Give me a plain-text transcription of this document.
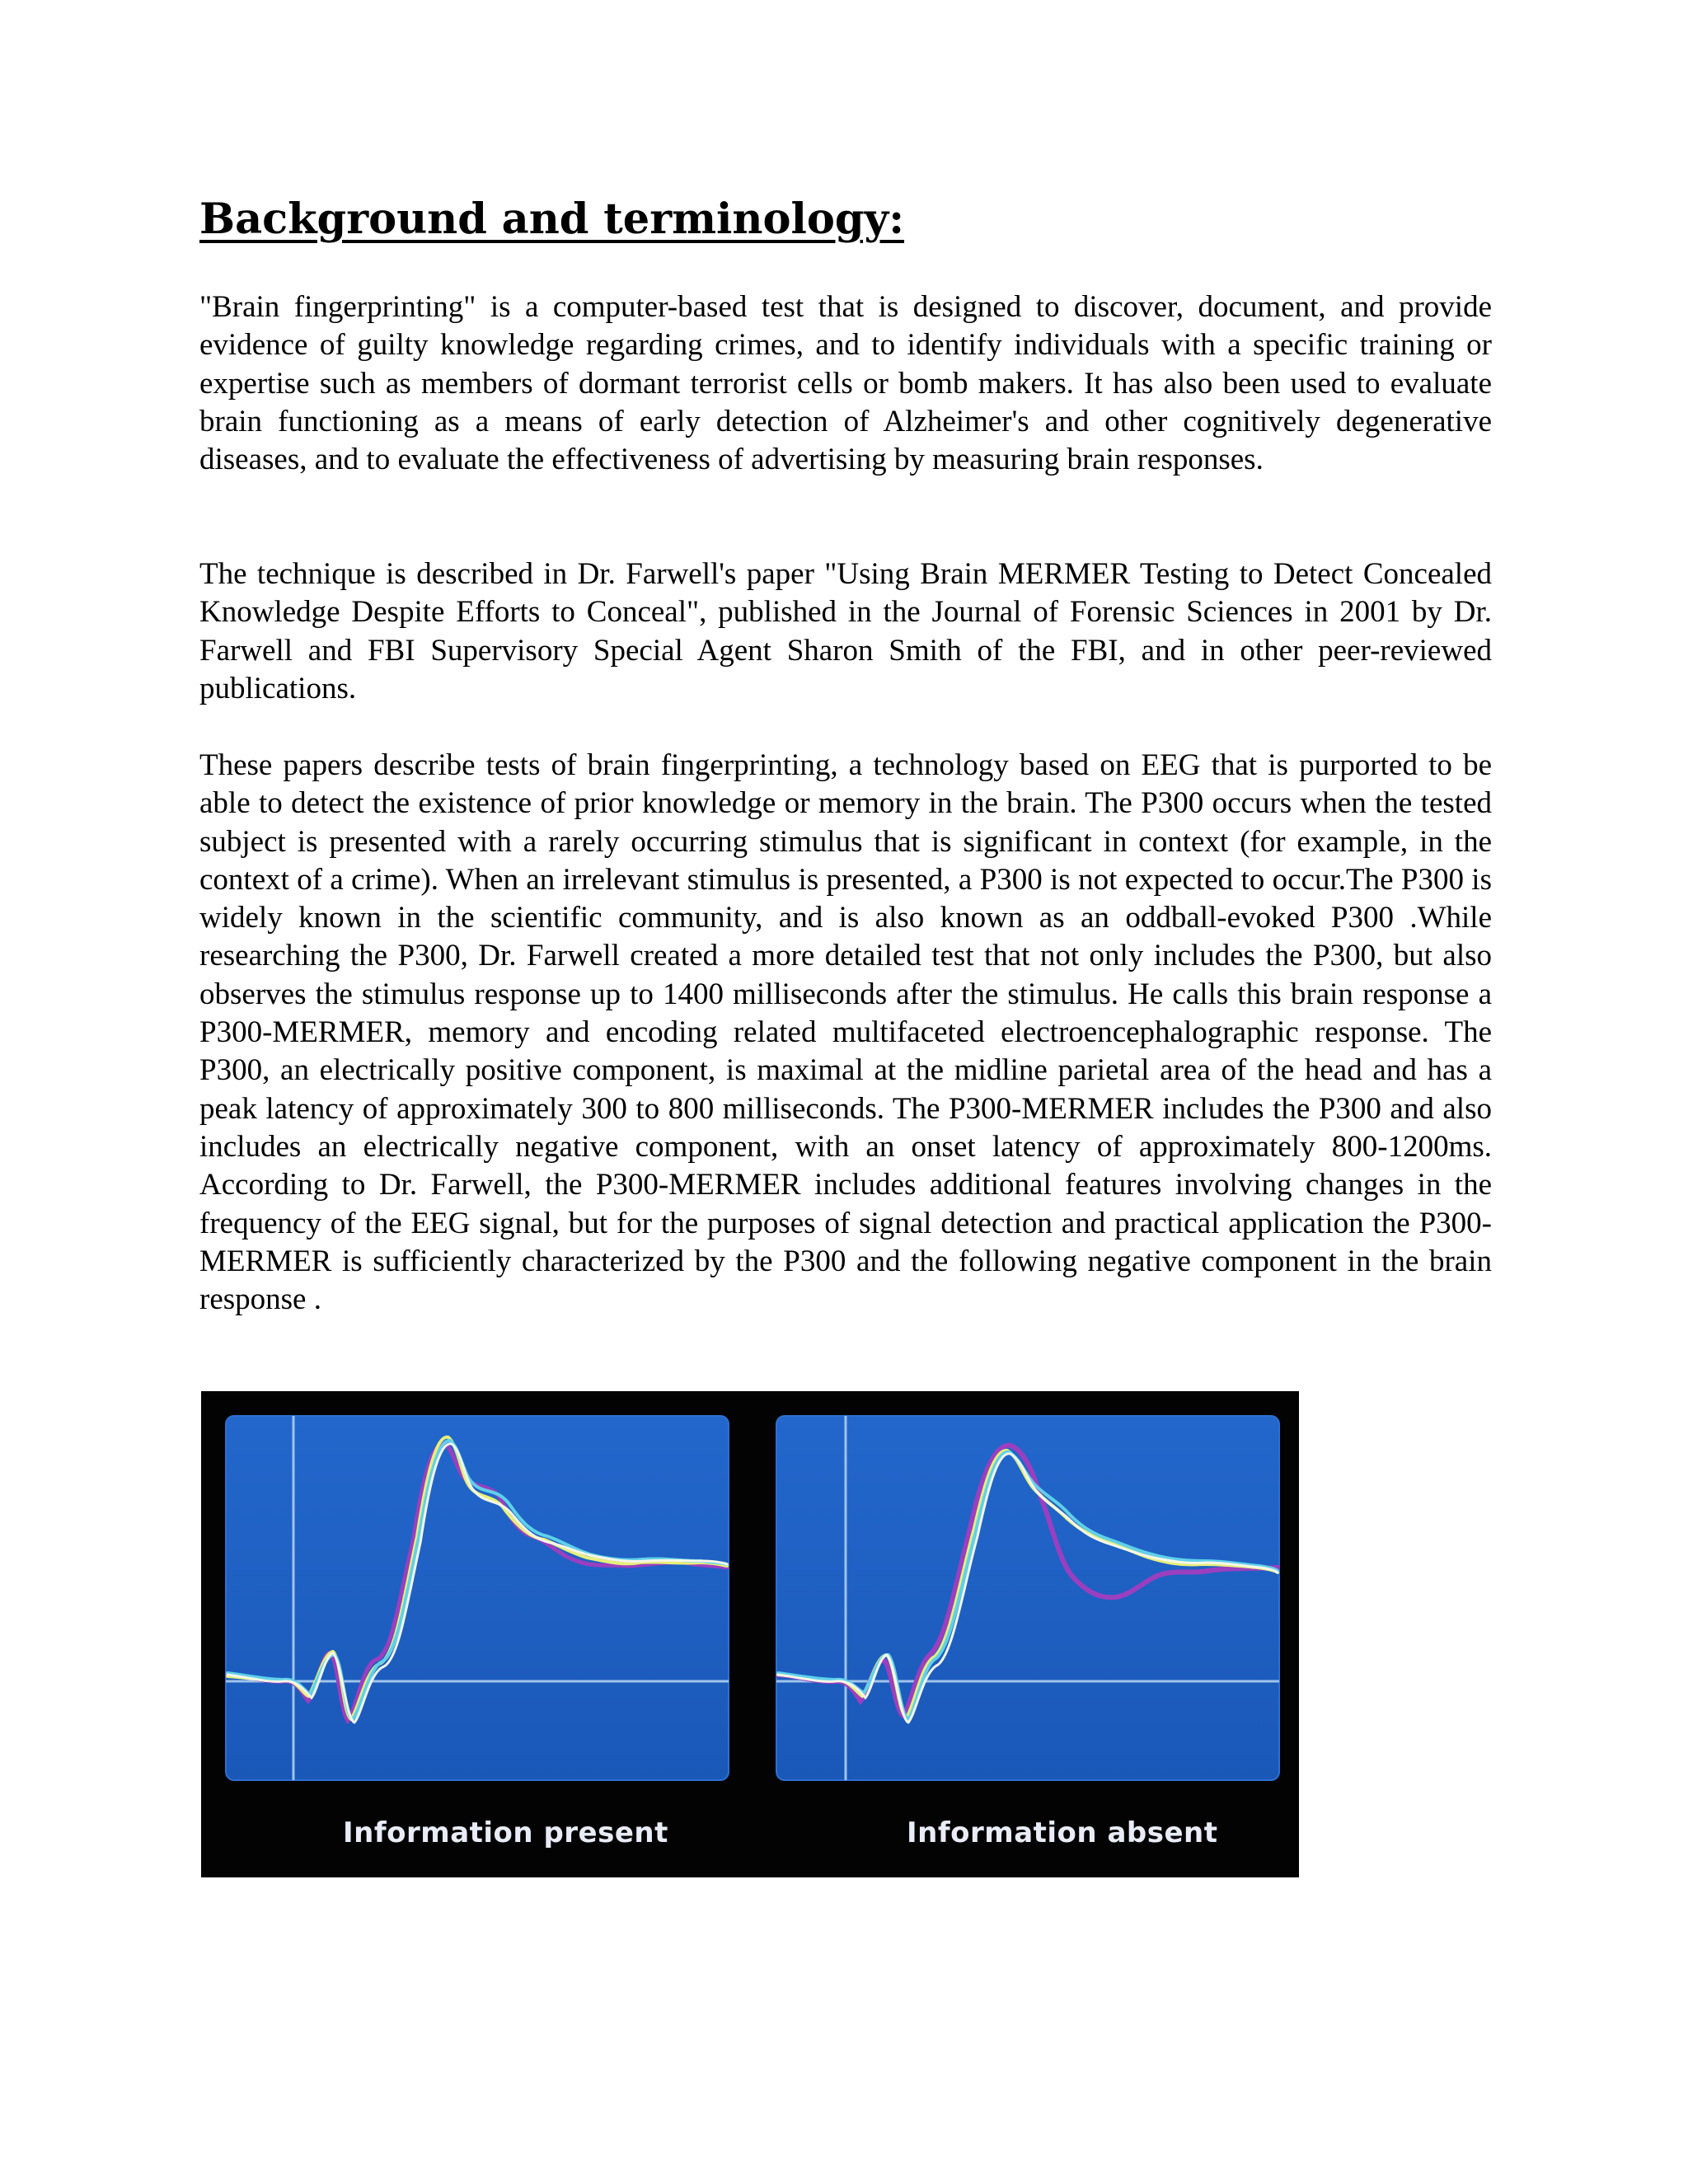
Background and terminology:

"Brain fingerprinting" is a computer-based test that is designed to discover, document, and provide evidence of guilty knowledge regarding crimes, and to identify individuals with a specific training or expertise such as members of dormant terrorist cells or bomb makers. It has also been used to evaluate brain functioning as a means of early detection of Alzheimer's and other cognitively degenerative diseases, and to evaluate the effectiveness of advertising by measuring brain responses.

The technique is described in Dr. Farwell's paper "Using Brain MERMER Testing to Detect Concealed Knowledge Despite Efforts to Conceal", published in the Journal of Forensic Sciences in 2001 by Dr. Farwell and FBI Supervisory Special Agent Sharon Smith of the FBI, and in other peer-reviewed publications.

These papers describe tests of brain fingerprinting, a technology based on EEG that is purported to be able to detect the existence of prior knowledge or memory in the brain. The P300 occurs when the tested subject is presented with a rarely occurring stimulus that is significant in context (for example, in the context of a crime). When an irrelevant stimulus is presented, a P300 is not expected to occur.The P300 is widely known in the scientific community, and is also known as an oddball-evoked P300 .While researching the P300, Dr. Farwell created a more detailed test that not only includes the P300, but also observes the stimulus response up to 1400 milliseconds after the stimulus. He calls this brain response a P300-MERMER, memory and encoding related multifaceted electroencephalographic response. The P300, an electrically positive component, is maximal at the midline parietal area of the head and has a peak latency of approximately 300 to 800 milliseconds. The P300-MERMER includes the P300 and also includes an electrically negative component, with an onset latency of approximately 800-1200ms. According to Dr. Farwell, the P300-MERMER includes additional features involving changes in the frequency of the EEG signal, but for the purposes of signal detection and practical application the P300-MERMER is sufficiently characterized by the P300 and the following negative component in the brain response .

Information present	Information absent
